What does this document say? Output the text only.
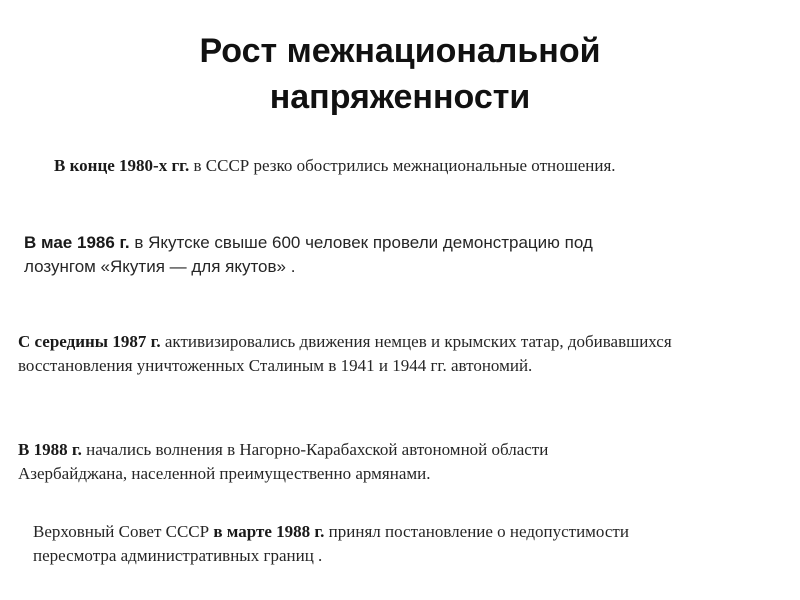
Рост межнациональной
напряженности

В конце 1980-х гг. в СССР резко обострились межнациональные отношения.

В мае 1986 г. в Якутске свыше 600 человек провели демонстрацию под
лозунгом «Якутия — для якутов» .

С середины 1987 г. активизировались движения немцев и крымских татар, добивавшихся
восстановления уничтоженных Сталиным в 1941 и 1944 гг. автономий.

В 1988 г. начались волнения в Нагорно-Карабахской автономной области
Азербайджана, населенной преимущественно армянами.

Верховный Совет СССР в марте 1988 г. принял постановление о недопустимости
пересмотра административных границ .
